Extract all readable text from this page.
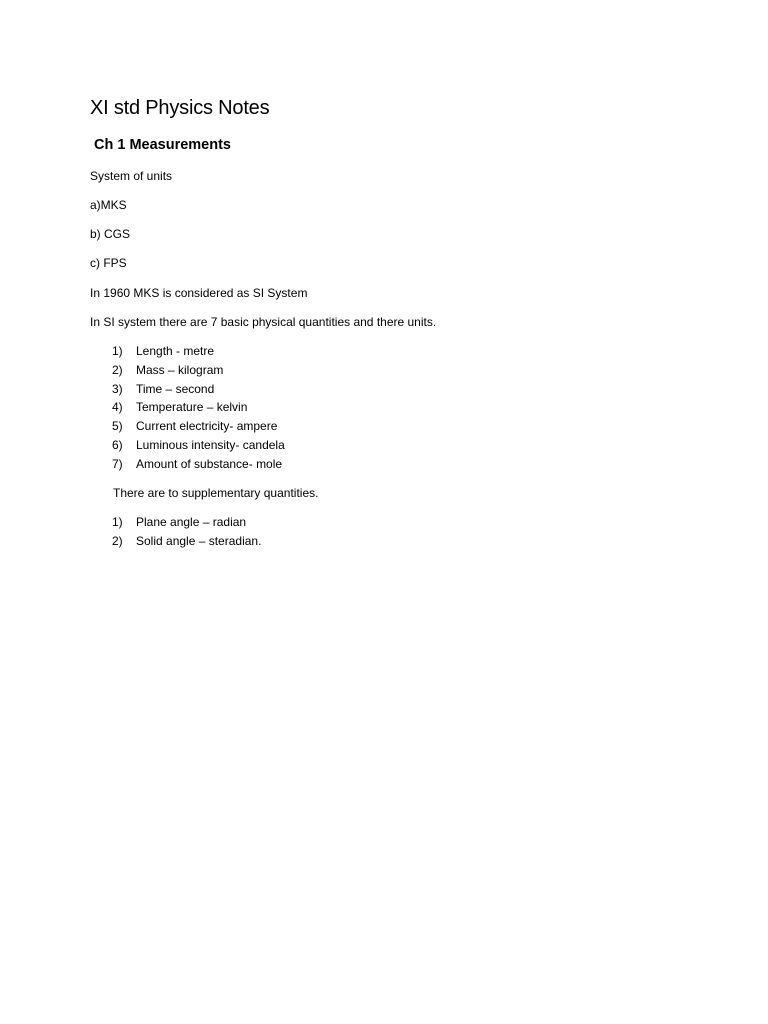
XI std Physics Notes
Ch 1 Measurements

System of units

a)MKS

b) CGS

c) FPS

In 1960 MKS is considered as SI System

In SI system there are 7 basic physical quantities and there units.

1) Length - metre
2) Mass – kilogram
3) Time – second
4) Temperature – kelvin
5) Current electricity- ampere
6) Luminous intensity- candela
7) Amount of substance- mole

There are to supplementary quantities.

1) Plane angle – radian
2) Solid angle – steradian.
